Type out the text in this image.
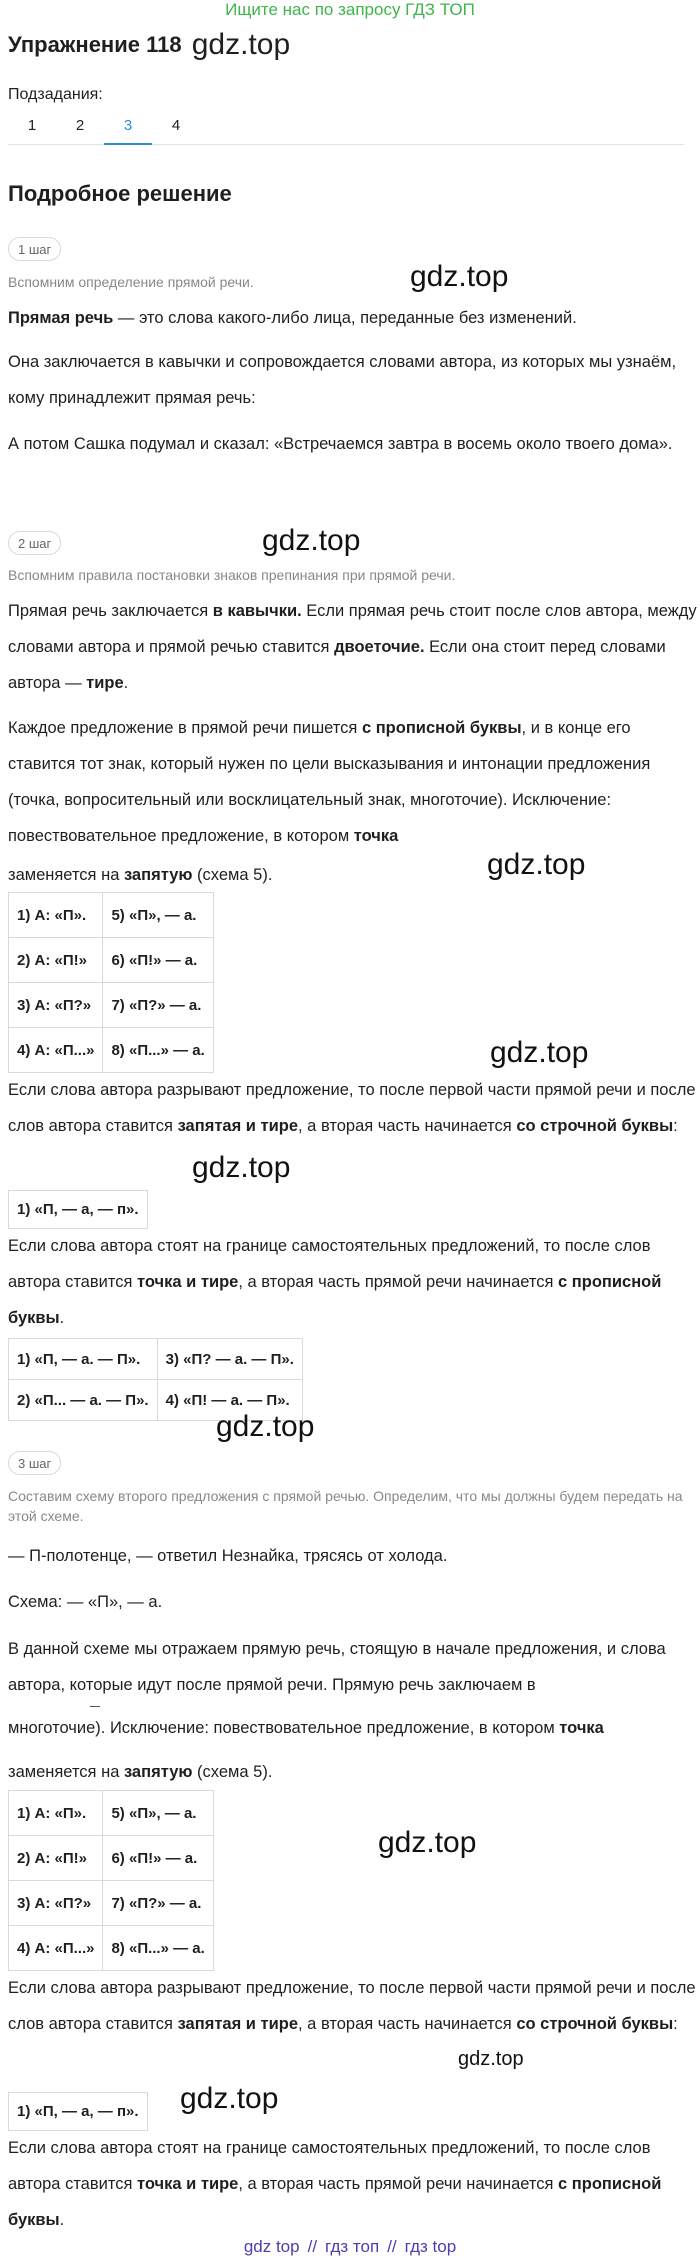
Ищите нас по запросу ГДЗ ТОП
Упражнение 118 gdz.top
Подзадания:
1	2	3	4
Подробное решение
1 шаг
Вспомним определение прямой речи.	gdz.top
Прямая речь — это слова какого-либо лица, переданные без изменений.
Она заключается в кавычки и сопровождается словами автора, из которых мы узнаём, кому принадлежит прямая речь:
А потом Сашка подумал и сказал: «Встречаемся завтра в восемь около твоего дома».
2 шаг	gdz.top
Вспомним правила постановки знаков препинания при прямой речи.
Прямая речь заключается в кавычки. Если прямая речь стоит после слов автора, между словами автора и прямой речью ставится двоеточие. Если она стоит перед словами автора — тире.
Каждое предложение в прямой речи пишется с прописной буквы, и в конце его ставится тот знак, который нужен по цели высказывания и интонации предложения (точка, вопросительный или восклицательный знак, многоточие). Исключение: повествовательное предложение, в котором точка
заменяется на запятую (схема 5).	gdz.top
1) А: «П».	5) «П», — а.
2) А: «П!»	6) «П!» — а.
3) А: «П?»	7) «П?» — а.
4) А: «П...»	8) «П...» — а.	gdz.top
Если слова автора разрывают предложение, то после первой части прямой речи и после слов автора ставится запятая и тире, а вторая часть начинается со строчной буквы:
gdz.top
1) «П, — а, — п».
Если слова автора стоят на границе самостоятельных предложений, то после слов автора ставится точка и тире, а вторая часть прямой речи начинается с прописной буквы.
1) «П, — а. — П».	3) «П? — а. — П».
2) «П... — а. — П».	4) «П! — а. — П».
gdz.top
3 шаг
Составим схему второго предложения с прямой речью. Определим, что мы должны будем передать на этой схеме.
— П-полотенце, — ответил Незнайка, трясясь от холода.
Схема: — «П», — а.
В данной схеме мы отражаем прямую речь, стоящую в начале предложения, и слова автора, которые идут после прямой речи. Прямую речь заключаем в
многоточие). Исключение: повествовательное предложение, в котором точка
заменяется на запятую (схема 5).
1) А: «П».	5) «П», — а.
2) А: «П!»	6) «П!» — а.
3) А: «П?»	7) «П?» — а.
4) А: «П...»	8) «П...» — а.
gdz.top
Если слова автора разрывают предложение, то после первой части прямой речи и после слов автора ставится запятая и тире, а вторая часть начинается со строчной буквы:
gdz.top
1) «П, — а, — п». gdz.top
Если слова автора стоят на границе самостоятельных предложений, то после слов автора ставится точка и тире, а вторая часть прямой речи начинается с прописной буквы.
gdz top // гдз топ // гдз top
